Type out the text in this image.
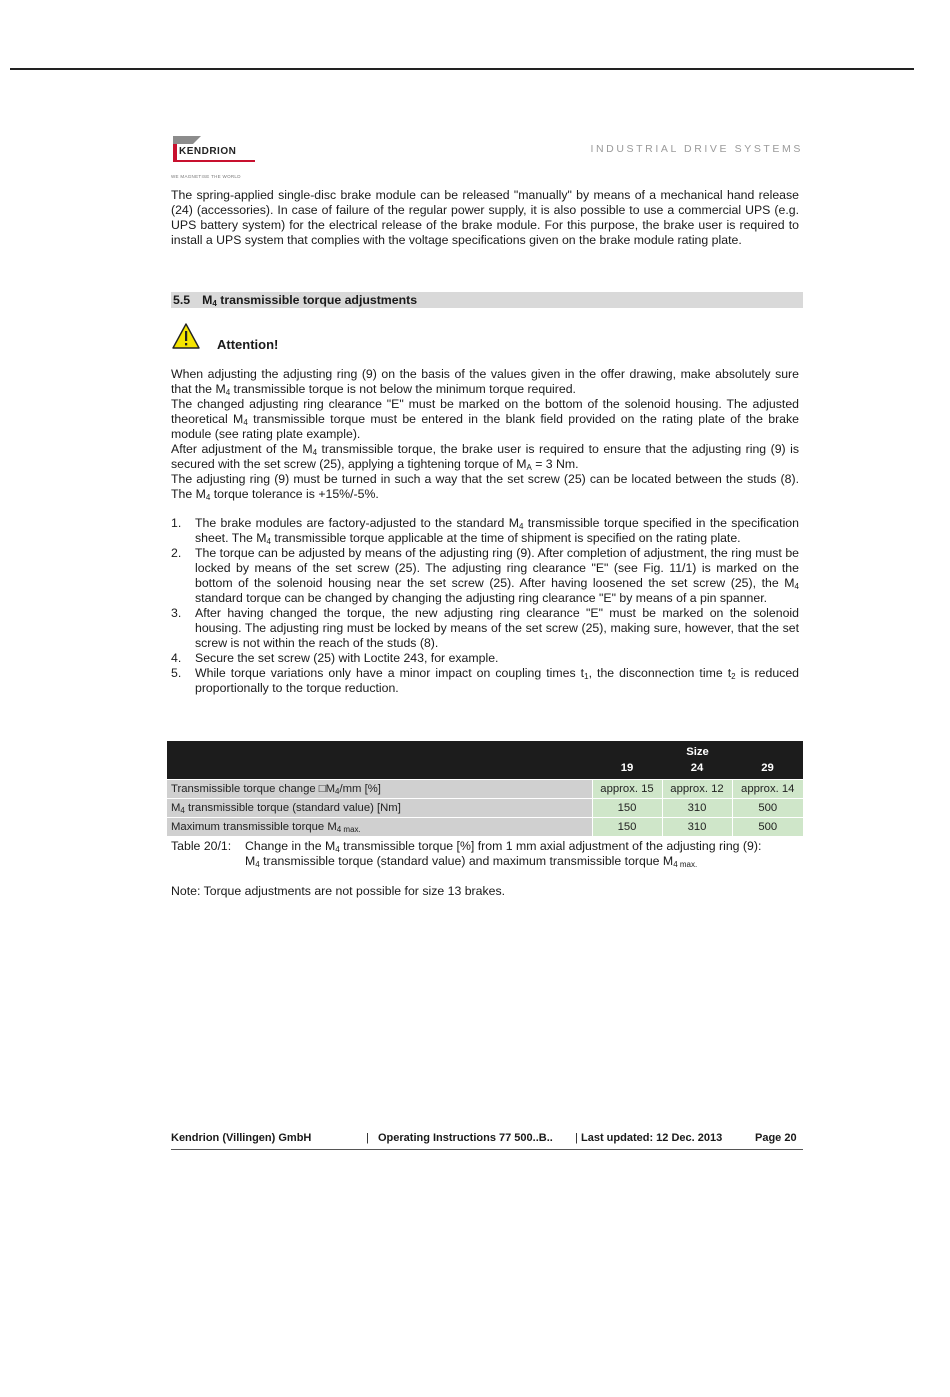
KENDRION
WE MAGNETISE THE WORLD
INDUSTRIAL DRIVE SYSTEMS

The spring-applied single-disc brake module can be released "manually" by means of a mechanical hand release (24) (accessories). In case of failure of the regular power supply, it is also possible to use a commercial UPS (e.g. UPS battery system) for the electrical release of the brake module. For this purpose, the brake user is required to install a UPS system that complies with the voltage specifications given on the brake module rating plate.

5.5 $M_4$ transmissible torque adjustments
Attention!

When adjusting the adjusting ring (9) on the basis of the values given in the offer drawing, make absolutely sure that the $M_4$ transmissible torque is not below the minimum torque required.

The changed adjusting ring clearance "E" must be marked on the bottom of the solenoid housing. The adjusted theoretical $M_4$ transmissible torque must be entered in the blank field provided on the rating plate of the brake module (see rating plate example).

After adjustment of the $M_4$ transmissible torque, the brake user is required to ensure that the adjusting ring (9) is secured with the set screw (25), applying a tightening torque of $M_A = 3$ Nm.

The adjusting ring (9) must be turned in such a way that the set screw (25) can be located between the studs (8). The $M_4$ torque tolerance is +15%/-5%.

1. The brake modules are factory-adjusted to the standard $M_4$ transmissible torque specified in the specification sheet. The $M_4$ transmissible torque applicable at the time of shipment is specified on the rating plate.
2. The torque can be adjusted by means of the adjusting ring (9). After completion of adjustment, the ring must be locked by means of the set screw (25). The adjusting ring clearance "E" (see Fig. 11/1) is marked on the bottom of the solenoid housing near the set screw (25). After having loosened the set screw (25), the $M_4$ standard torque can be changed by changing the adjusting ring clearance "E" by means of a pin spanner.
3. After having changed the torque, the new adjusting ring clearance "E" must be marked on the solenoid housing. The adjusting ring must be locked by means of the set screw (25), making sure, however, that the set screw is not within the reach of the studs (8).
4. Secure the set screw (25) with Loctite 243, for example.
5. While torque variations only have a minor impact on coupling times $t_1$, the disconnection time $t_2$ is reduced proportionally to the torque reduction.
	Size		
	19	24	29
Transmissible torque change $□M_4/mm$ [%]	approx. 15	approx. 12	approx. 14
$M_4$ transmissible torque (standard value) [Nm]	150	310	500
Maximum transmissible torque $M_{4 max.}$	150	310	500
Table 20/1: Change in the $M_4$ transmissible torque [%] from 1 mm axial adjustment of the adjusting ring (9):
$M_4$ transmissible torque (standard value) and maximum transmissible torque $M_{4 max.}$
Note: Torque adjustments are not possible for size 13 brakes.
Kendrion (Villingen) GmbH	| Operating Instructions 77 500..B.. | Last updated: 12 Dec. 2013	Page 20
